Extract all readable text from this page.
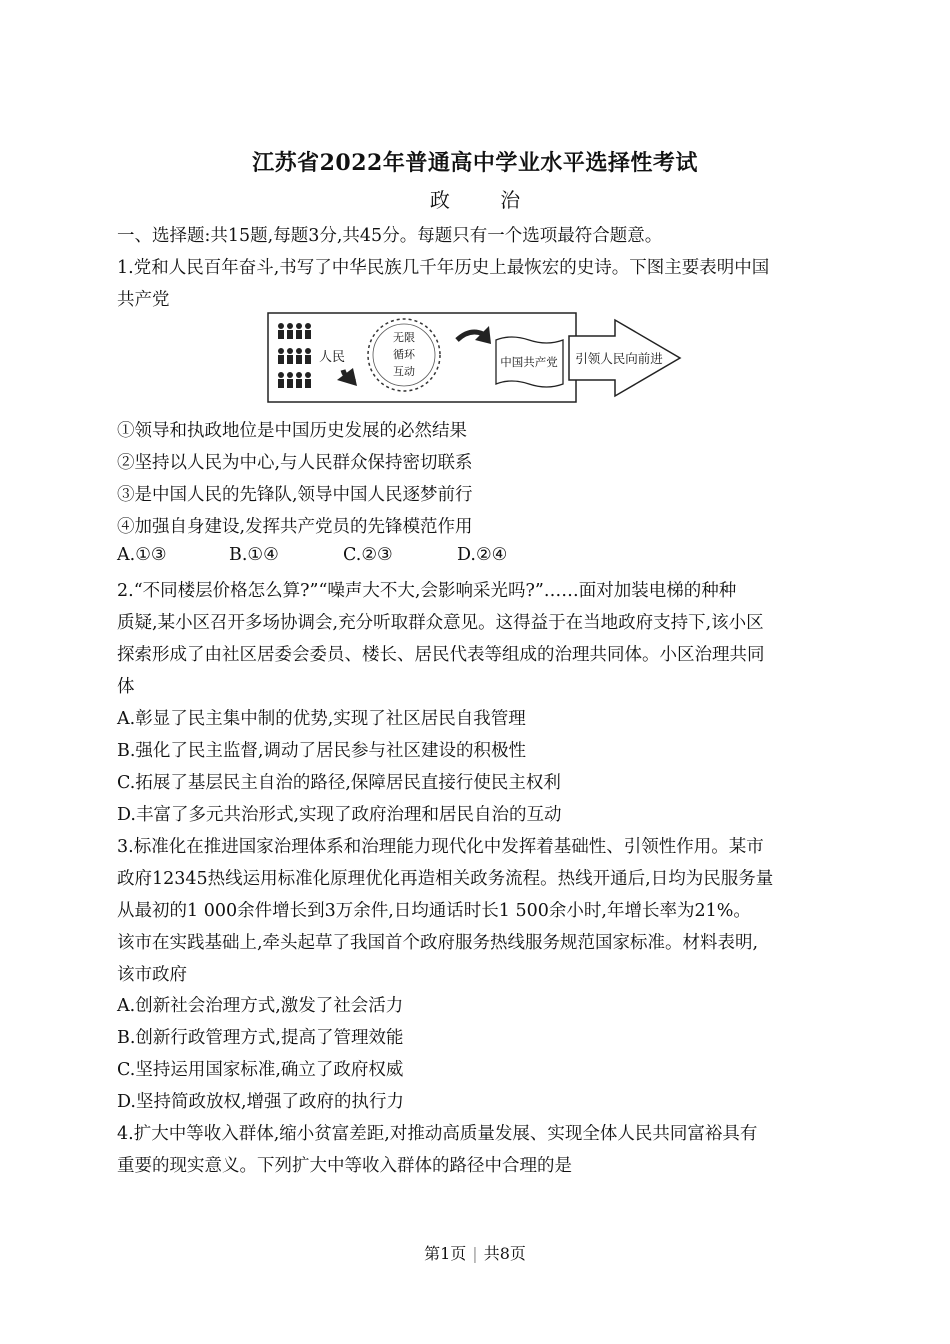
江苏省2022年普通高中学业水平选择性考试
政 治
一、选择题:共15题,每题3分,共45分。每题只有一个选项最符合题意。
1.党和人民百年奋斗,书写了中华民族几千年历史上最恢宏的史诗。下图主要表明中国
共产党
人民
无限
循环
互动
中国共产党 引领人民向前进
①领导和执政地位是中国历史发展的必然结果
②坚持以人民为中心,与人民群众保持密切联系
③是中国人民的先锋队,领导中国人民逐梦前行
④加强自身建设,发挥共产党员的先锋模范作用
A.①③	B.①④	C.②③	D.②④
2.“不同楼层价格怎么算?”“噪声大不大,会影响采光吗?”……面对加装电梯的种种
质疑,某小区召开多场协调会,充分听取群众意见。这得益于在当地政府支持下,该小区
探索形成了由社区居委会委员、楼长、居民代表等组成的治理共同体。小区治理共同
体
A.彰显了民主集中制的优势,实现了社区居民自我管理
B.强化了民主监督,调动了居民参与社区建设的积极性
C.拓展了基层民主自治的路径,保障居民直接行使民主权利
D.丰富了多元共治形式,实现了政府治理和居民自治的互动
3.标准化在推进国家治理体系和治理能力现代化中发挥着基础性、引领性作用。某市
政府12345热线运用标准化原理优化再造相关政务流程。热线开通后,日均为民服务量
从最初的1 000余件增长到3万余件,日均通话时长1 500余小时,年增长率为21%。
该市在实践基础上,牵头起草了我国首个政府服务热线服务规范国家标准。材料表明,
该市政府
A.创新社会治理方式,激发了社会活力
B.创新行政管理方式,提高了管理效能
C.坚持运用国家标准,确立了政府权威
D.坚持简政放权,增强了政府的执行力
4.扩大中等收入群体,缩小贫富差距,对推动高质量发展、实现全体人民共同富裕具有
重要的现实意义。下列扩大中等收入群体的路径中合理的是
第1页 | 共8页
